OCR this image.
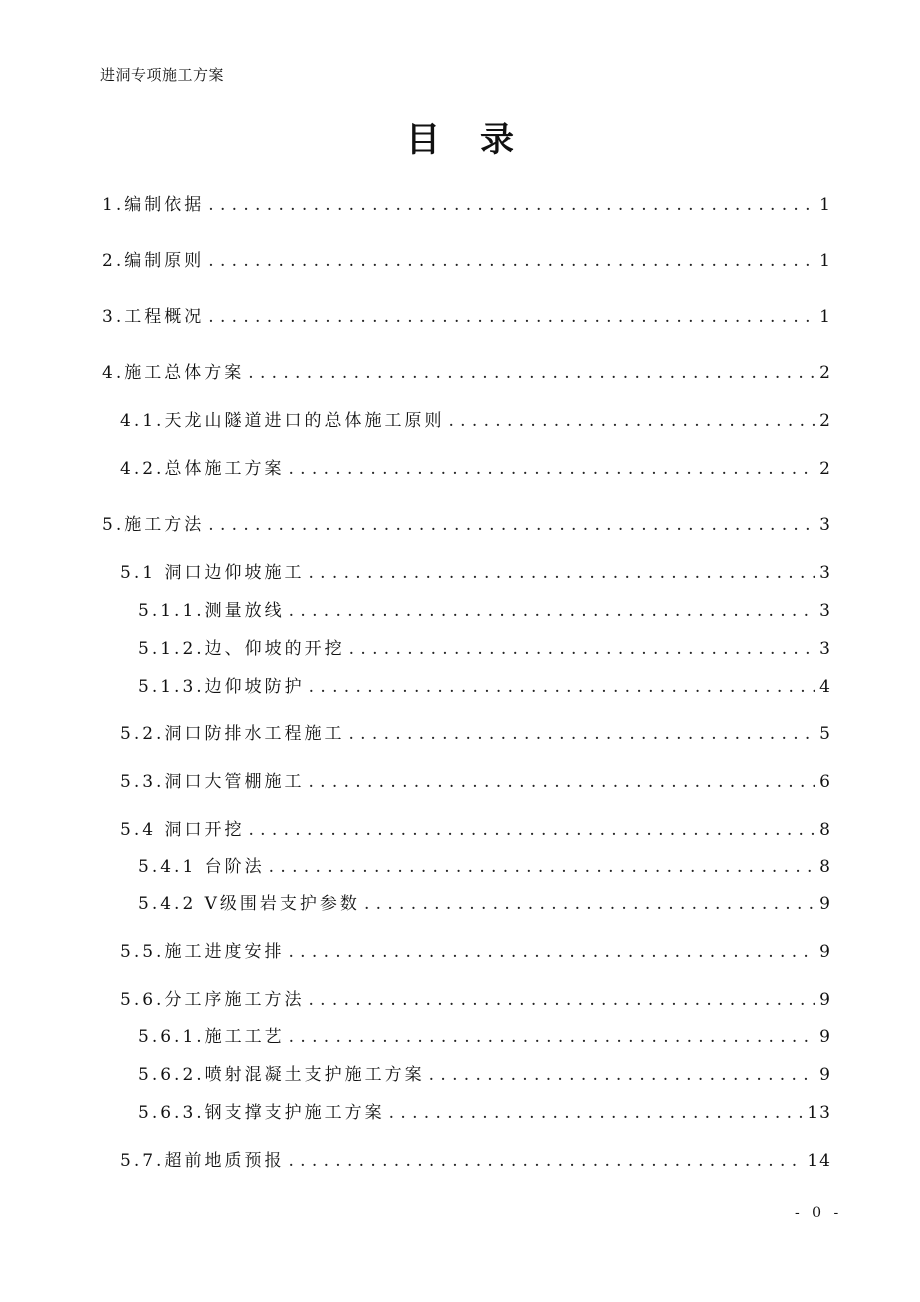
进洞专项施工方案
目录
1.编制依据 .....	1
2.编制原则 .....	1
3.工程概况 .....	1
4.施工总体方案 .....	2
4.1.天龙山隧道进口的总体施工原则 .....	2
4.2.总体施工方案 .....	2
5.施工方法 .....	3
5.1 洞口边仰坡施工 .....	3
5.1.1.测量放线 .....	3
5.1.2.边、仰坡的开挖 .....	3
5.1.3.边仰坡防护 .....	4
5.2.洞口防排水工程施工 .....	5
5.3.洞口大管棚施工 .....	6
5.4 洞口开挖 .....	8
5.4.1 台阶法 .....	8
5.4.2 Ⅴ级围岩支护参数 .....	9
5.5.施工进度安排 .....	9
5.6.分工序施工方法 .....	9
5.6.1.施工工艺 .....	9
5.6.2.喷射混凝土支护施工方案 .....	9
5.6.3.钢支撑支护施工方案 .....	13
5.7.超前地质预报 .....	14
- 0 -
